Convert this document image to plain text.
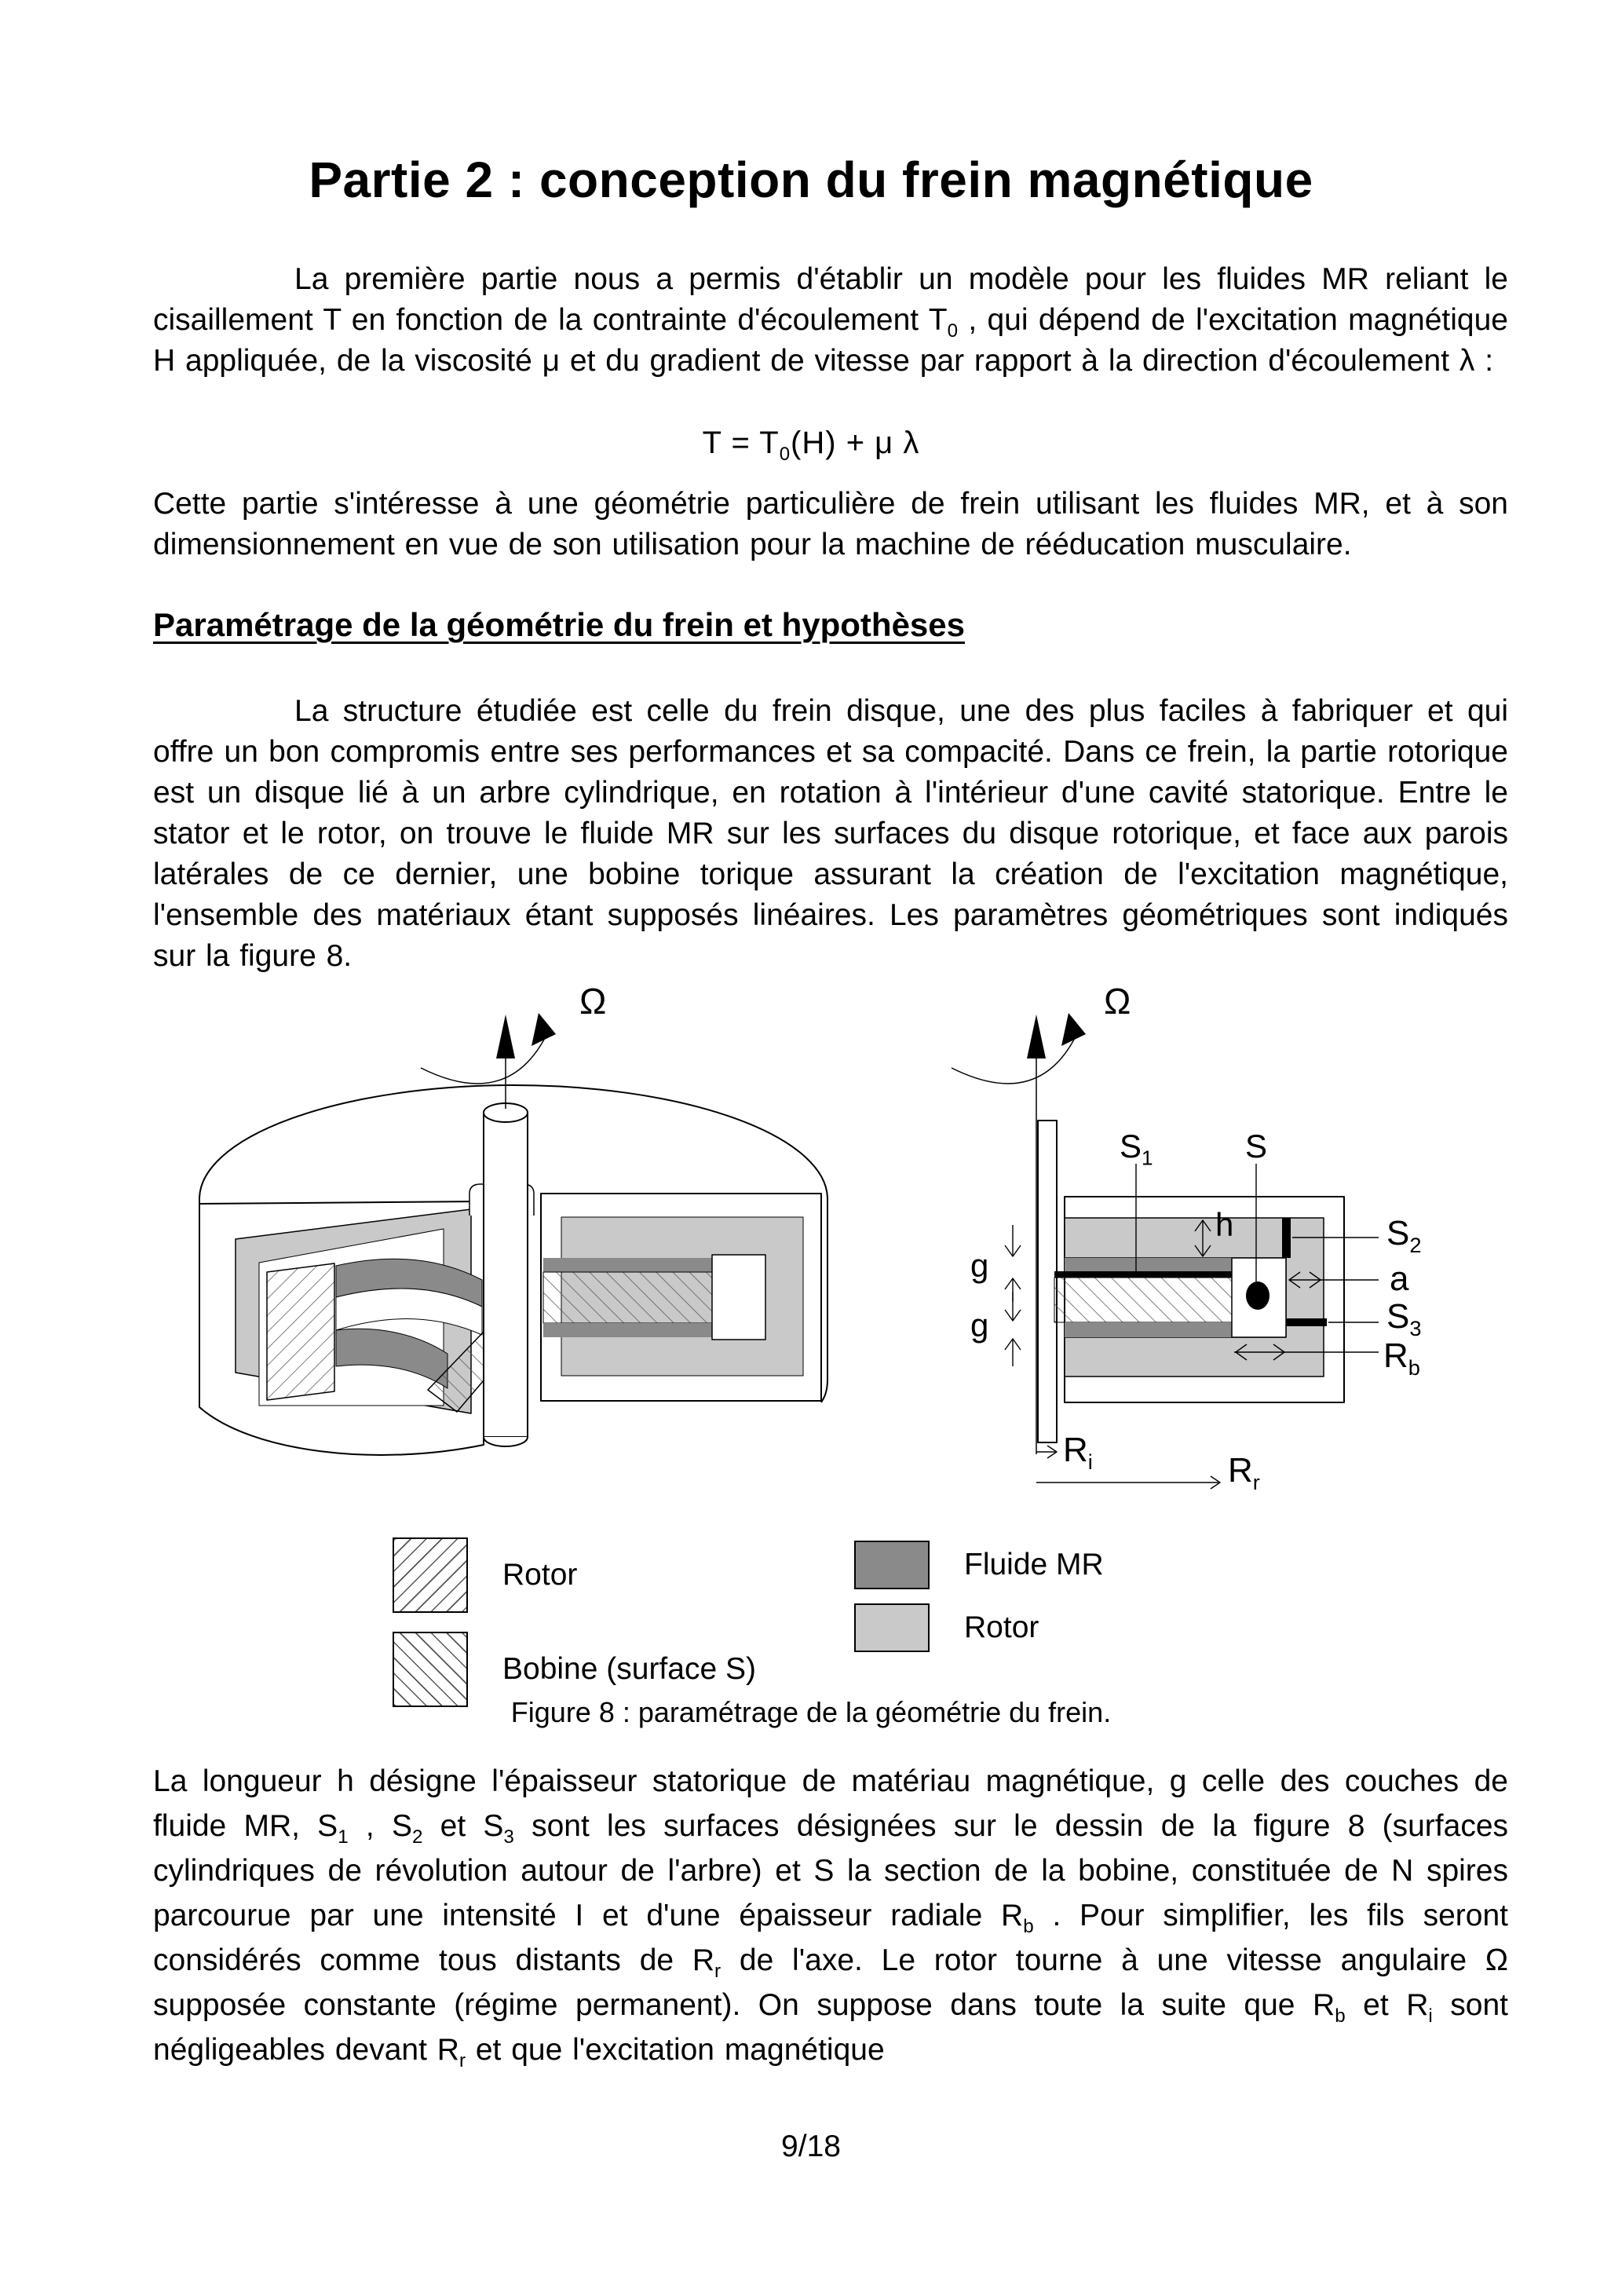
Partie 2 : conception du frein magnétique
La première partie nous a permis d'établir un modèle pour les fluides MR reliant le cisaillement T en fonction de la contrainte d'écoulement $T_0$ , qui dépend de l'excitation magnétique H appliquée, de la viscosité μ et du gradient de vitesse par rapport à la direction d'écoulement λ :
$T = T_0(H) + \mu$ λ
Cette partie s'intéresse à une géométrie particulière de frein utilisant les fluides MR, et à son dimensionnement en vue de son utilisation pour la machine de rééducation musculaire.
Paramétrage de la géométrie du frein et hypothèses
La structure étudiée est celle du frein disque, une des plus faciles à fabriquer et qui offre un bon compromis entre ses performances et sa compacité. Dans ce frein, la partie rotorique est un disque lié à un arbre cylindrique, en rotation à l'intérieur d'une cavité statorique. Entre le stator et le rotor, on trouve le fluide MR sur les surfaces du disque rotorique, et face aux parois latérales de ce dernier, une bobine torique assurant la création de l'excitation magnétique, l'ensemble des matériaux étant supposés linéaires. Les paramètres géométriques sont indiqués sur la figure 8.
Ω	Ω
$S_1$	S
h
g
g
$S_2$
a
$S_3$
$R_b$
$R_i$	$R_r$
Rotor
Bobine (surface S)
Fluide MR
Rotor
Figure 8 : paramétrage de la géométrie du frein.
La longueur h désigne l'épaisseur statorique de matériau magnétique, g celle des couches de fluide MR, $S_1$ , $S_2$ et $S_3$ sont les surfaces désignées sur le dessin de la figure 8 (surfaces cylindriques de révolution autour de l'arbre) et S la section de la bobine, constituée de N spires parcourue par une intensité I et d'une épaisseur radiale $R_b$ . Pour simplifier, les fils seront considérés comme tous distants de $R_r$ de l'axe. Le rotor tourne à une vitesse angulaire Ω supposée constante (régime permanent). On suppose dans toute la suite que $R_b$ et $R_i$ sont négligeables devant $R_r$ et que l'excitation magnétique
9/18
